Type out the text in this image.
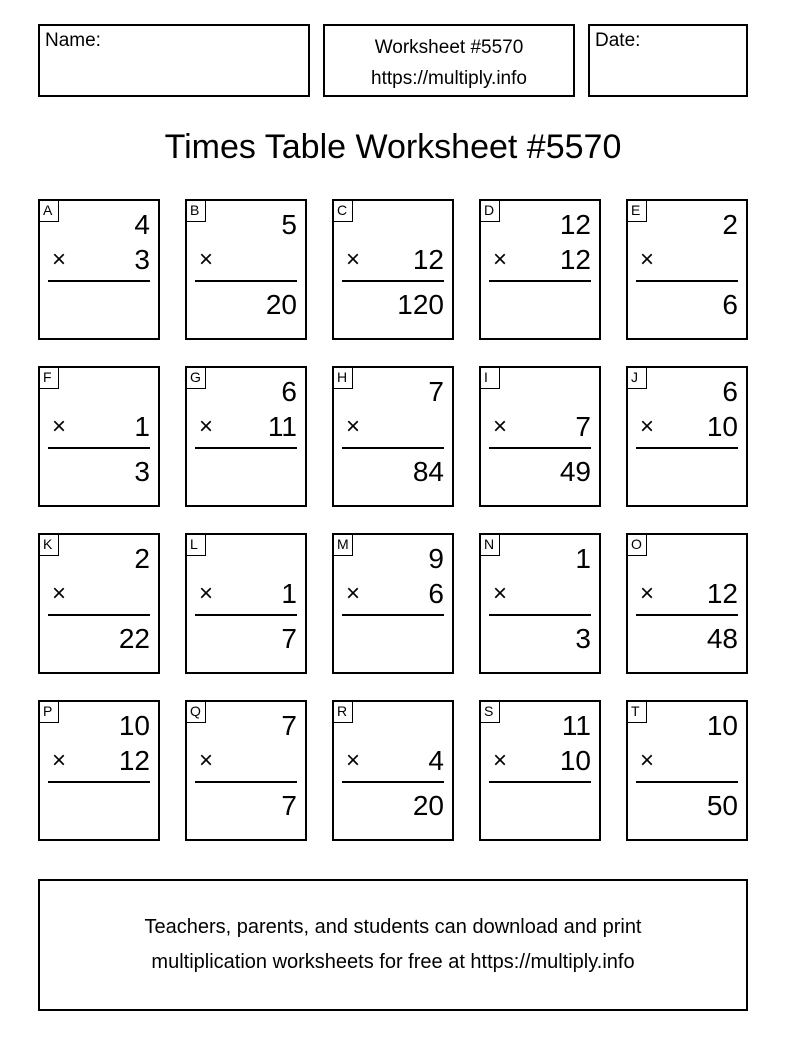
Name:	Worksheet #5570
https://multiply.info
Date:
Times Table Worksheet #5570
A	4
× 3
B	5
×
20
C
× 12
120
D 12
× 12
E	2
×
6
F
× 1
3
G	6
× 11
H	7
×
84
I
× 7
49
J	6
× 10
K	2
×
22
L
× 1
7
M	9
× 6
N	1
×
3
O
× 12
48
P 10
× 12
Q	7
×
7
R
× 4
20
S 11
× 10
T 10
×
50
Teachers, parents, and students can download and print
multiplication worksheets for free at https://multiply.info
